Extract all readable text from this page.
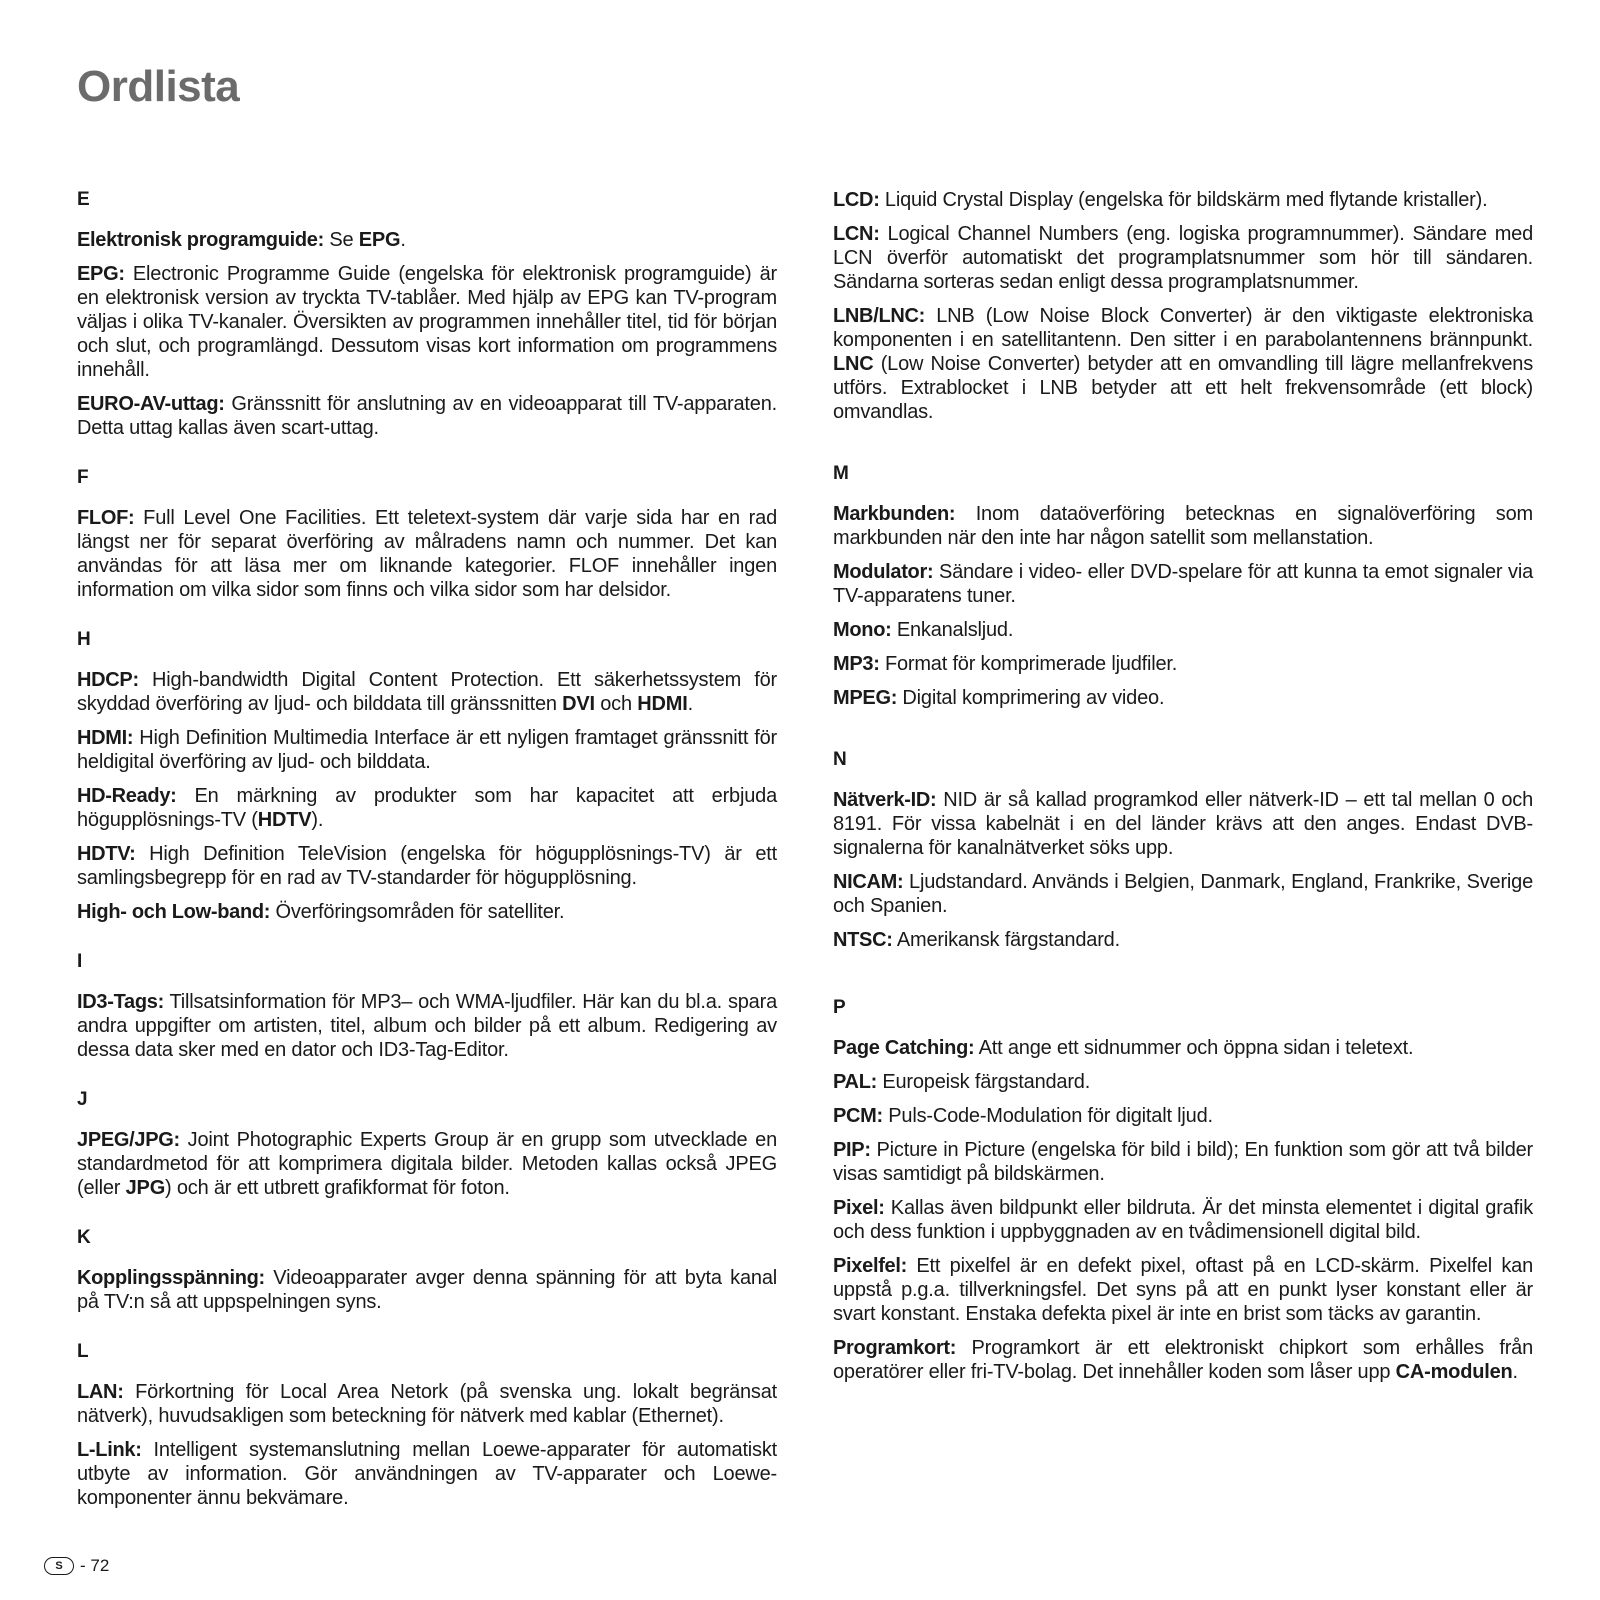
Ordlista

E

Elektronisk programguide: Se EPG.

EPG: Electronic Programme Guide (engelska för elektronisk programguide) är en elektronisk version av tryckta TV-tablåer. Med hjälp av EPG kan TV-program väljas i olika TV-kanaler. Översikten av programmen innehåller titel, tid för början och slut, och programlängd. Dessutom visas kort information om programmens innehåll.

EURO-AV-uttag: Gränssnitt för anslutning av en videoapparat till TV-apparaten. Detta uttag kallas även scart-uttag.

F

FLOF: Full Level One Facilities. Ett teletext-system där varje sida har en rad längst ner för separat överföring av målradens namn och nummer. Det kan användas för att läsa mer om liknande kategorier. FLOF innehåller ingen information om vilka sidor som finns och vilka sidor som har delsidor.

H

HDCP: High-bandwidth Digital Content Protection. Ett säkerhetssystem för skyddad överföring av ljud- och bilddata till gränssnitten DVI och HDMI.

HDMI: High Definition Multimedia Interface är ett nyligen framtaget gränssnitt för heldigital överföring av ljud- och bilddata.

HD-Ready: En märkning av produkter som har kapacitet att erbjuda högupplösnings-TV (HDTV).

HDTV: High Definition TeleVision (engelska för högupplösnings-TV) är ett samlingsbegrepp för en rad av TV-standarder för högupplösning.

High- och Low-band: Överföringsområden för satelliter.

I

ID3-Tags: Tillsatsinformation för MP3– och WMA-ljudfiler. Här kan du bl.a. spara andra uppgifter om artisten, titel, album och bilder på ett album. Redigering av dessa data sker med en dator och ID3-Tag-Editor.

J

JPEG/JPG: Joint Photographic Experts Group är en grupp som utvecklade en standardmetod för att komprimera digitala bilder. Metoden kallas också JPEG (eller JPG) och är ett utbrett grafikformat för foton.

K

Kopplingsspänning: Videoapparater avger denna spänning för att byta kanal på TV:n så att uppspelningen syns.

L

LAN: Förkortning för Local Area Netork (på svenska ung. lokalt begränsat nätverk), huvudsakligen som beteckning för nätverk med kablar (Ethernet).

L-Link: Intelligent systemanslutning mellan Loewe-apparater för automatiskt utbyte av information. Gör användningen av TV-apparater och Loewe-komponenter ännu bekvämare.

LCD: Liquid Crystal Display (engelska för bildskärm med flytande kristaller).

LCN: Logical Channel Numbers (eng. logiska programnummer). Sändare med LCN överför automatiskt det programplatsnummer som hör till sändaren. Sändarna sorteras sedan enligt dessa programplatsnummer.

LNB/LNC: LNB (Low Noise Block Converter) är den viktigaste elektroniska komponenten i en satellitantenn. Den sitter i en parabolantennens brännpunkt. LNC (Low Noise Converter) betyder att en omvandling till lägre mellanfrekvens utförs. Extrablocket i LNB betyder att ett helt frekvensområde (ett block) omvandlas.

M

Markbunden: Inom dataöverföring betecknas en signalöverföring som markbunden när den inte har någon satellit som mellanstation.

Modulator: Sändare i video- eller DVD-spelare för att kunna ta emot signaler via TV-apparatens tuner.

Mono: Enkanalsljud.

MP3: Format för komprimerade ljudfiler.

MPEG: Digital komprimering av video.

N

Nätverk-ID: NID är så kallad programkod eller nätverk-ID – ett tal mellan 0 och 8191. För vissa kabelnät i en del länder krävs att den anges. Endast DVB-signalerna för kanalnätverket söks upp.

NICAM: Ljudstandard. Används i Belgien, Danmark, England, Frankrike, Sverige och Spanien.

NTSC: Amerikansk färgstandard.

P

Page Catching: Att ange ett sidnummer och öppna sidan i teletext.

PAL: Europeisk färgstandard.

PCM: Puls-Code-Modulation för digitalt ljud.

PIP: Picture in Picture (engelska för bild i bild); En funktion som gör att två bilder visas samtidigt på bildskärmen.

Pixel: Kallas även bildpunkt eller bildruta. Är det minsta elementet i digital grafik och dess funktion i uppbyggnaden av en tvådimensionell digital bild.

Pixelfel: Ett pixelfel är en defekt pixel, oftast på en LCD-skärm. Pixelfel kan uppstå p.g.a. tillverkningsfel. Det syns på att en punkt lyser konstant eller är svart konstant. Enstaka defekta pixel är inte en brist som täcks av garantin.

Programkort: Programkort är ett elektroniskt chipkort som erhålles från operatörer eller fri-TV-bolag. Det innehåller koden som låser upp CA-modulen.

S	- 72
